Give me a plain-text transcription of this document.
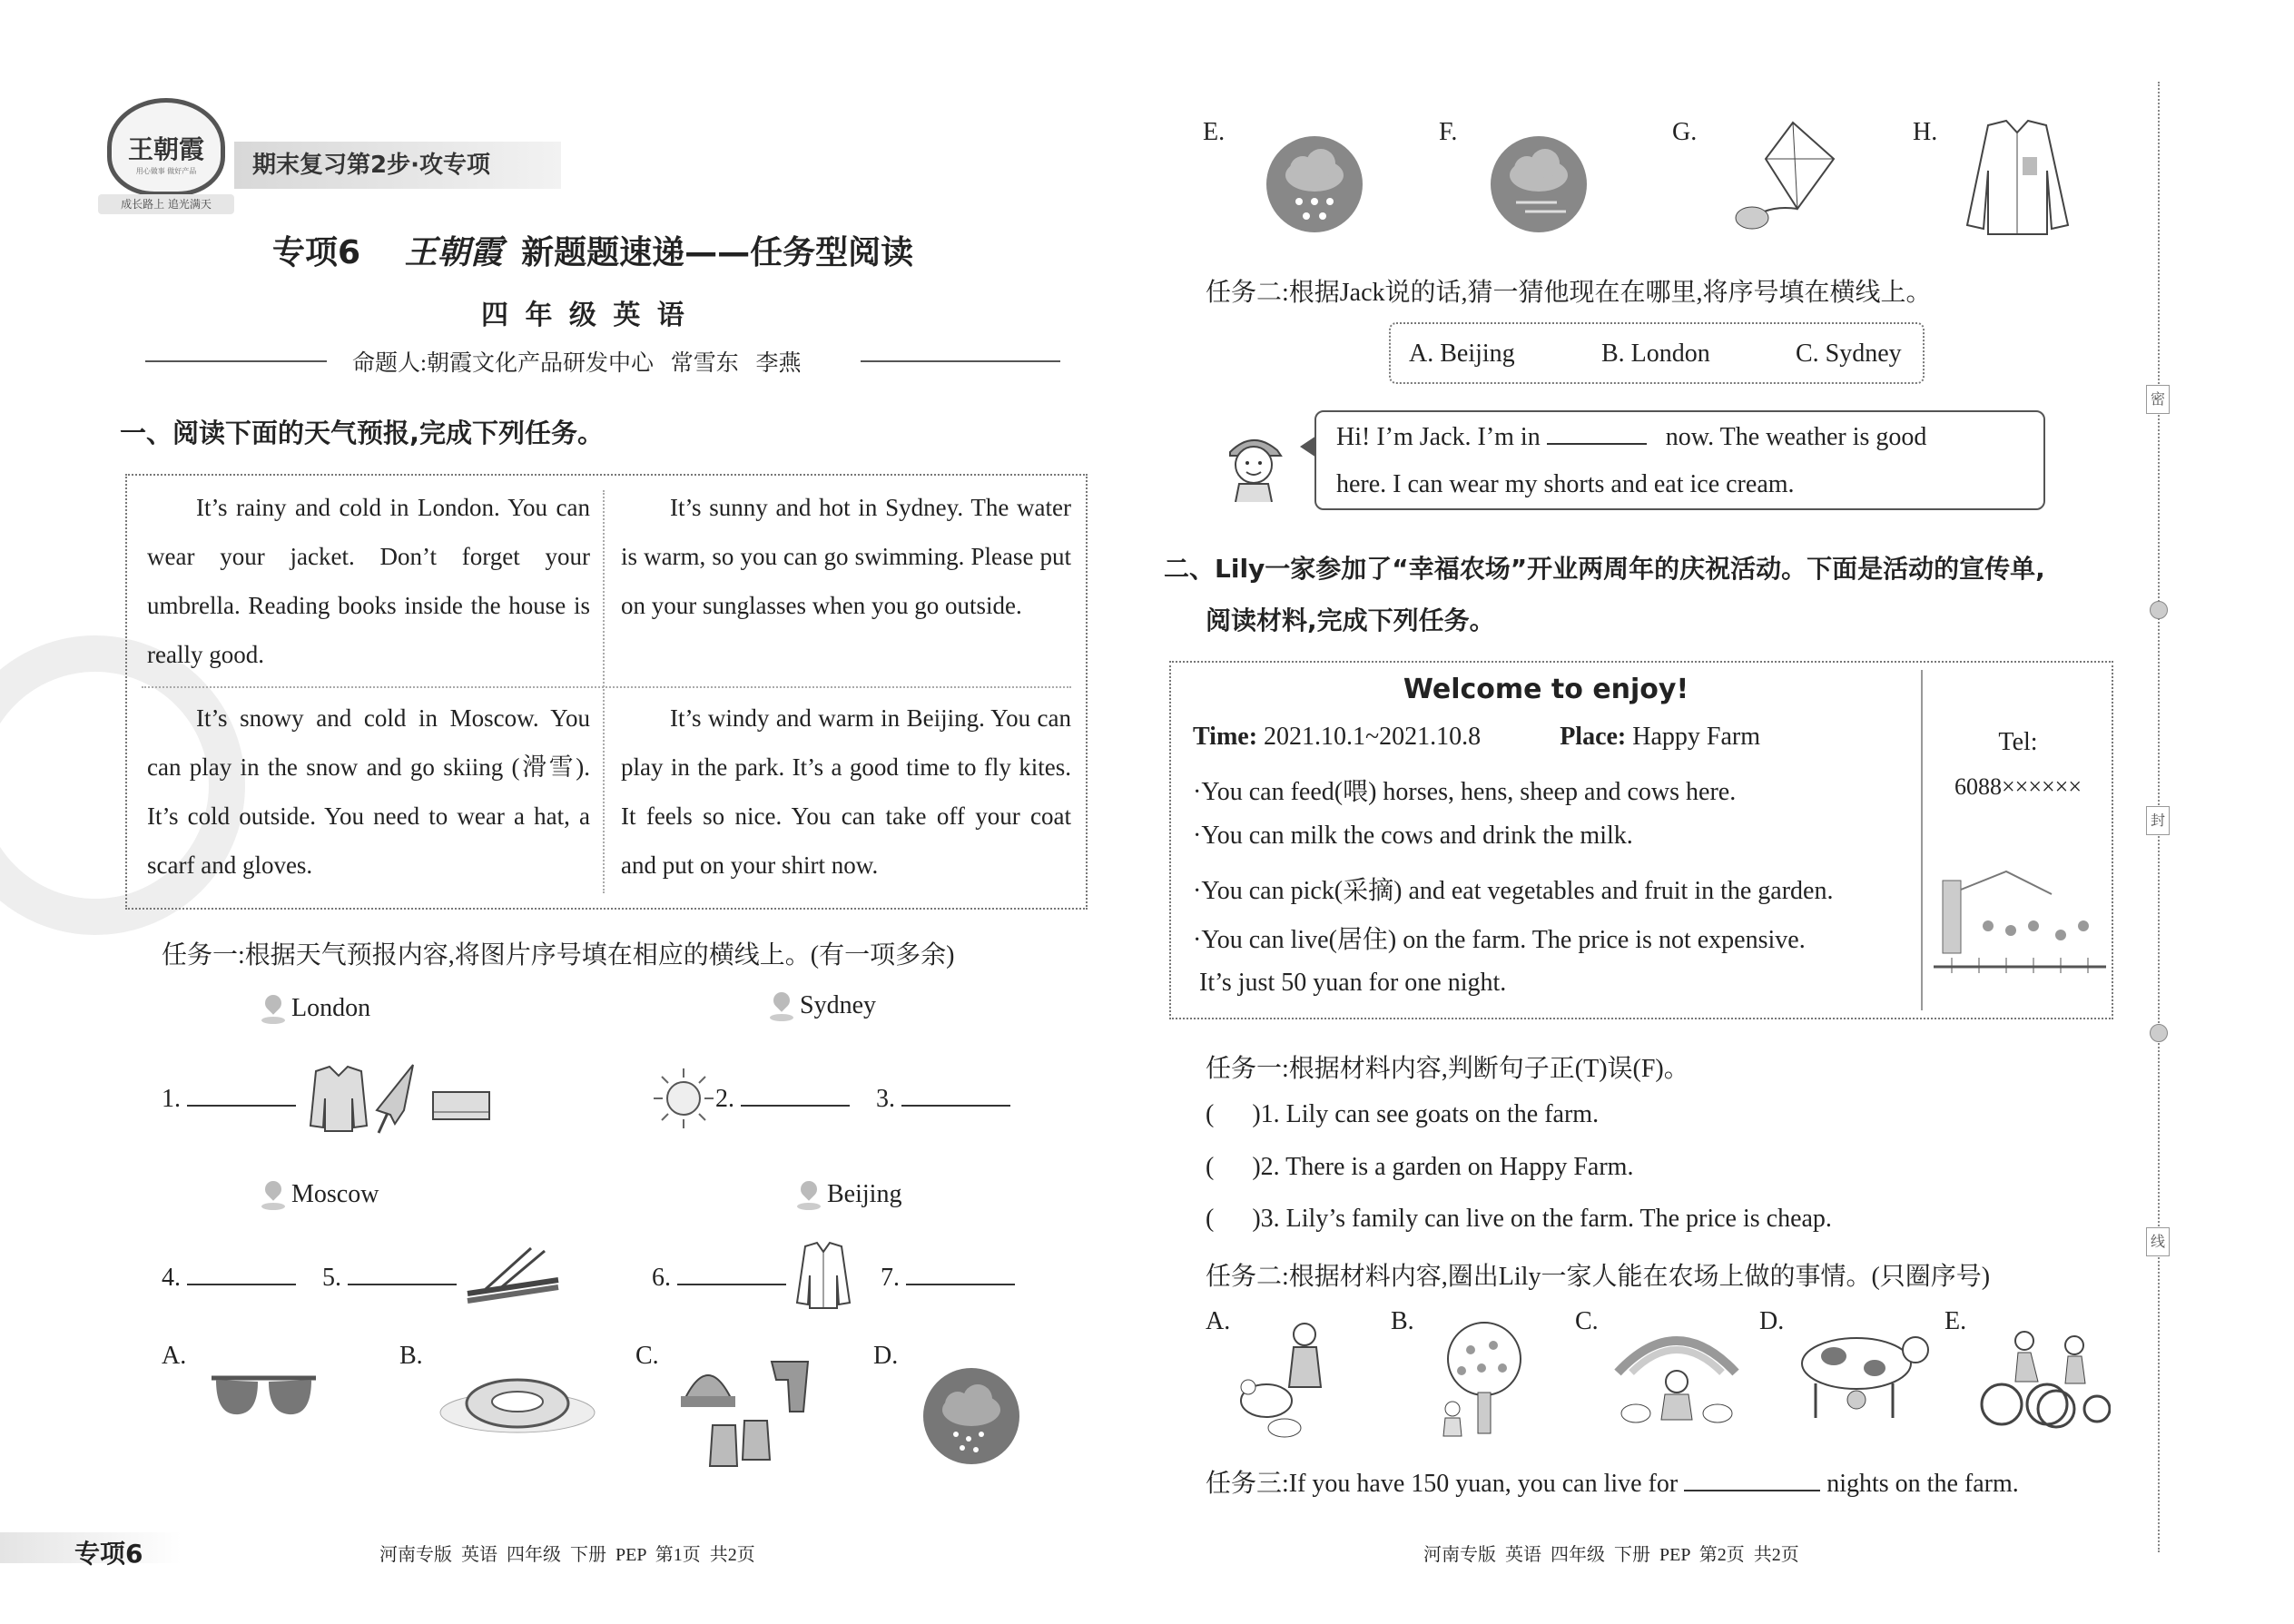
王朝霞
用心做事 做好产品
成长路上 追光满天
期末复习第2步·攻专项
专项6 王朝霞 新题题速递——任务型阅读
四 年 级 英 语
命题人:朝霞文化产品研发中心   常雪东   李燕
一、阅读下面的天气预报,完成下列任务。

It’s rainy and cold in London. You can wear your jacket. Don’t forget your umbrella. Reading books inside the house is really good.

It’s sunny and hot in Sydney. The water is warm, so you can go swimming. Please put on your sunglasses when you go outside.

It’s snowy and cold in Moscow. You can play in the snow and go skiing (滑雪). It’s cold outside. You need to wear a hat, a scarf and gloves.

It’s windy and warm in Beijing. You can play in the park. It’s a good time to fly kites. It feels so nice. You can take off your coat and put on your shirt now.

任务一:根据天气预报内容,将图片序号填在相应的横线上。(有一项多余)
London	Sydney
Moscow	Beijing
1.	2.	3.
4.	5.	6.	7.
A.	B.	C.	D.
专项6	河南专版  英语  四年级  下册  PEP  第1页  共2页
E.	F.	G.	H.
任务二:根据Jack说的话,猜一猜他现在在哪里,将序号填在横线上。
A. Beijing	B. London	C. Sydney
Hi! I’m Jack. I’m in	now. The weather is good
here. I can wear my shorts and eat ice cream.
二、Lily一家参加了“幸福农场”开业两周年的庆祝活动。下面是活动的宣传单,
阅读材料,完成下列任务。
Welcome to enjoy!
Time: 2021.10.1~2021.10.8	Place: Happy Farm
·You can feed(喂) horses, hens, sheep and cows here.
·You can milk the cows and drink the milk.
·You can pick(采摘) and eat vegetables and fruit in the garden.
·You can live(居住) on the farm. The price is not expensive.
It’s just 50 yuan for one night.
Tel:
6088××××××
任务一:根据材料内容,判断句子正(T)误(F)。
(      )1. Lily can see goats on the farm.
(      )2. There is a garden on Happy Farm.
(      )3. Lily’s family can live on the farm. The price is cheap.
任务二:根据材料内容,圈出Lily一家人能在农场上做的事情。(只圈序号)
A.	B.	C.	D.	E.
任务三:If you have 150 yuan, you can live for	nights on the farm.
河南专版  英语  四年级  下册  PEP  第2页  共2页
密
封
线
